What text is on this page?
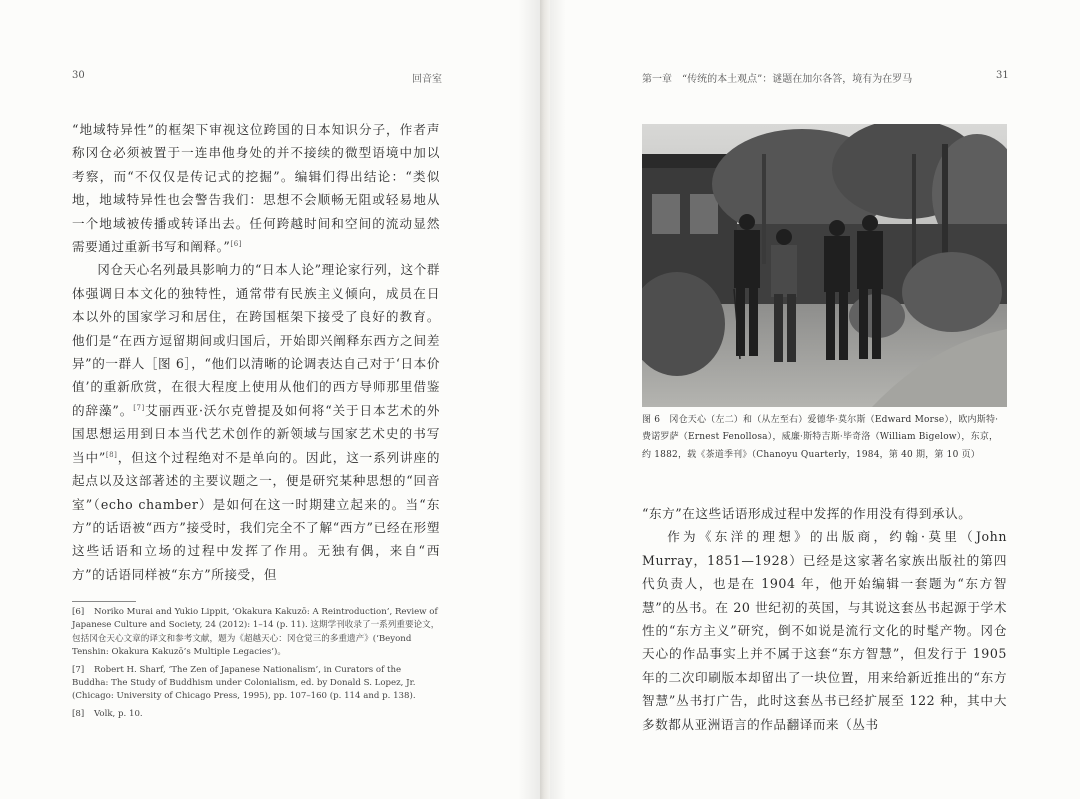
30	回音室

“地域特异性”的框架下审视这位跨国的日本知识分子，作者声称冈仓必须被置于一连串他身处的并不接续的微型语境中加以考察，而“不仅仅是传记式的挖掘”。编辑们得出结论：“类似地，地域特异性也会警告我们：思想不会顺畅无阻或轻易地从一个地域被传播或转译出去。任何跨越时间和空间的流动显然需要通过重新书写和阐释。”[6]

冈仓天心名列最具影响力的“日本人论”理论家行列，这个群体强调日本文化的独特性，通常带有民族主义倾向，成员在日本以外的国家学习和居住，在跨国框架下接受了良好的教育。他们是“在西方逗留期间或归国后，开始即兴阐释东西方之间差异”的一群人［图 6］，“他们以清晰的论调表达自己对于‘日本价值’的重新欣赏，在很大程度上使用从他们的西方导师那里借鉴的辞藻”。[7]艾丽西亚·沃尔克曾提及如何将“关于日本艺术的外国思想运用到日本当代艺术创作的新领域与国家艺术史的书写当中”[8]，但这个过程绝对不是单向的。因此，这一系列讲座的起点以及这部著述的主要议题之一，便是研究某种思想的“回音室”（echo chamber）是如何在这一时期建立起来的。当“东方”的话语被“西方”接受时，我们完全不了解“西方”已经在形塑这些话语和立场的过程中发挥了作用。无独有偶，来自“西方”的话语同样被“东方”所接受，但

[6] Noriko Murai and Yukio Lippit, ‘Okakura Kakuzō: A Reintroduction’, Review of Japanese Culture and Society, 24 (2012): 1–14 (p. 11). 这期学刊收录了一系列重要论文，包括冈仓天心文章的译文和参考文献，题为《超越天心：冈仓觉三的多重遗产》(‘Beyond Tenshin: Okakura Kakuzō’s Multiple Legacies’)。
[7] Robert H. Sharf, ‘The Zen of Japanese Nationalism’, in Curators of the Buddha: The Study of Buddhism under Colonialism, ed. by Donald S. Lopez, Jr. (Chicago: University of Chicago Press, 1995), pp. 107–160 (p. 114 and p. 138).
[8] Volk, p. 10.
第一章　“传统的本土观点”：谜题在加尔各答，境有为在罗马	31
图 6　冈仓天心（左二）和（从左至右）爱德华·莫尔斯（Edward Morse），欧内斯特·费诺罗萨（Ernest Fenollosa），威廉·斯特吉斯·毕奇洛（William Bigelow），东京，约 1882，载《茶道季刊》（Chanoyu Quarterly，1984，第 40 期，第 10 页）

“东方”在这些话语形成过程中发挥的作用没有得到承认。

作为《东洋的理想》的出版商，约翰·莫里（John Murray，1851—1928）已经是这家著名家族出版社的第四代负责人，也是在 1904 年，他开始编辑一套题为“东方智慧”的丛书。在 20 世纪初的英国，与其说这套丛书起源于学术性的“东方主义”研究，倒不如说是流行文化的时髦产物。冈仓天心的作品事实上并不属于这套“东方智慧”，但发行于 1905 年的二次印刷版本却留出了一块位置，用来给新近推出的“东方智慧”丛书打广告，此时这套丛书已经扩展至 122 种，其中大多数都从亚洲语言的作品翻译而来（丛书
